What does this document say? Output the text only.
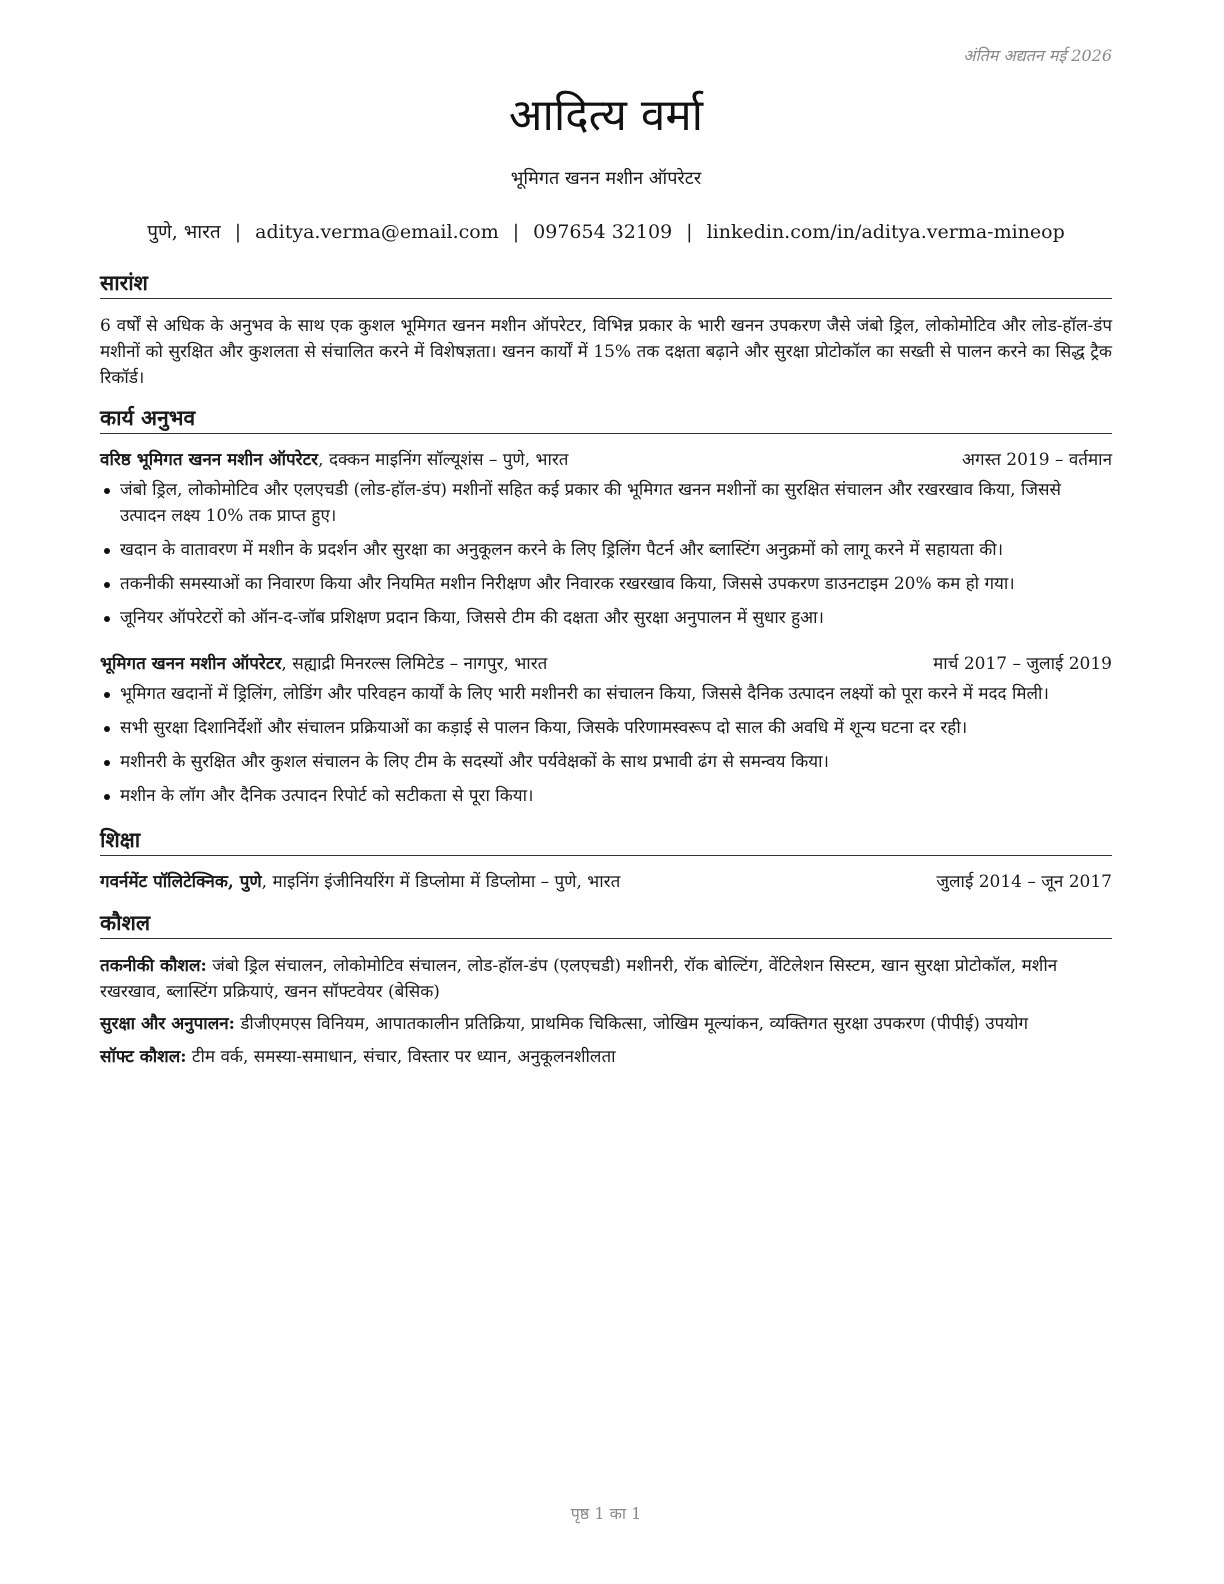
अंतिम अद्यतन मई 2026
आदित्य वर्मा
भूमिगत खनन मशीन ऑपरेटर
पुणे, भारत | aditya.verma@email.com | 097654 32109 | linkedin.com/in/aditya.verma-mineop
सारांश
6 वर्षों से अधिक के अनुभव के साथ एक कुशल भूमिगत खनन मशीन ऑपरेटर, विभिन्न प्रकार के भारी खनन उपकरण जैसे जंबो ड्रिल, लोकोमोटिव और लोड-हॉल-डंप मशीनों को सुरक्षित और कुशलता से संचालित करने में विशेषज्ञता। खनन कार्यों में 15% तक दक्षता बढ़ाने और सुरक्षा प्रोटोकॉल का सख्ती से पालन करने का सिद्ध ट्रैक रिकॉर्ड।
कार्य अनुभव
वरिष्ठ भूमिगत खनन मशीन ऑपरेटर, दक्कन माइनिंग सॉल्यूशंस – पुणे, भारत	अगस्त 2019 – वर्तमान
जंबो ड्रिल, लोकोमोटिव और एलएचडी (लोड-हॉल-डंप) मशीनों सहित कई प्रकार की भूमिगत खनन मशीनों का सुरक्षित संचालन और रखरखाव किया, जिससे उत्पादन लक्ष्य 10% तक प्राप्त हुए।
खदान के वातावरण में मशीन के प्रदर्शन और सुरक्षा का अनुकूलन करने के लिए ड्रिलिंग पैटर्न और ब्लास्टिंग अनुक्रमों को लागू करने में सहायता की।
तकनीकी समस्याओं का निवारण किया और नियमित मशीन निरीक्षण और निवारक रखरखाव किया, जिससे उपकरण डाउनटाइम 20% कम हो गया।
जूनियर ऑपरेटरों को ऑन-द-जॉब प्रशिक्षण प्रदान किया, जिससे टीम की दक्षता और सुरक्षा अनुपालन में सुधार हुआ।
भूमिगत खनन मशीन ऑपरेटर, सह्याद्री मिनरल्स लिमिटेड – नागपुर, भारत	मार्च 2017 – जुलाई 2019
भूमिगत खदानों में ड्रिलिंग, लोडिंग और परिवहन कार्यों के लिए भारी मशीनरी का संचालन किया, जिससे दैनिक उत्पादन लक्ष्यों को पूरा करने में मदद मिली।
सभी सुरक्षा दिशानिर्देशों और संचालन प्रक्रियाओं का कड़ाई से पालन किया, जिसके परिणामस्वरूप दो साल की अवधि में शून्य घटना दर रही।
मशीनरी के सुरक्षित और कुशल संचालन के लिए टीम के सदस्यों और पर्यवेक्षकों के साथ प्रभावी ढंग से समन्वय किया।
मशीन के लॉग और दैनिक उत्पादन रिपोर्ट को सटीकता से पूरा किया।
शिक्षा
गवर्नमेंट पॉलिटेक्निक, पुणे, माइनिंग इंजीनियरिंग में डिप्लोमा में डिप्लोमा – पुणे, भारत	जुलाई 2014 – जून 2017
कौशल
तकनीकी कौशल: जंबो ड्रिल संचालन, लोकोमोटिव संचालन, लोड-हॉल-डंप (एलएचडी) मशीनरी, रॉक बोल्टिंग, वेंटिलेशन सिस्टम, खान सुरक्षा प्रोटोकॉल, मशीन रखरखाव, ब्लास्टिंग प्रक्रियाएं, खनन सॉफ्टवेयर (बेसिक)
सुरक्षा और अनुपालन: डीजीएमएस विनियम, आपातकालीन प्रतिक्रिया, प्राथमिक चिकित्सा, जोखिम मूल्यांकन, व्यक्तिगत सुरक्षा उपकरण (पीपीई) उपयोग
सॉफ्ट कौशल: टीम वर्क, समस्या-समाधान, संचार, विस्तार पर ध्यान, अनुकूलनशीलता
पृष्ठ 1 का 1
